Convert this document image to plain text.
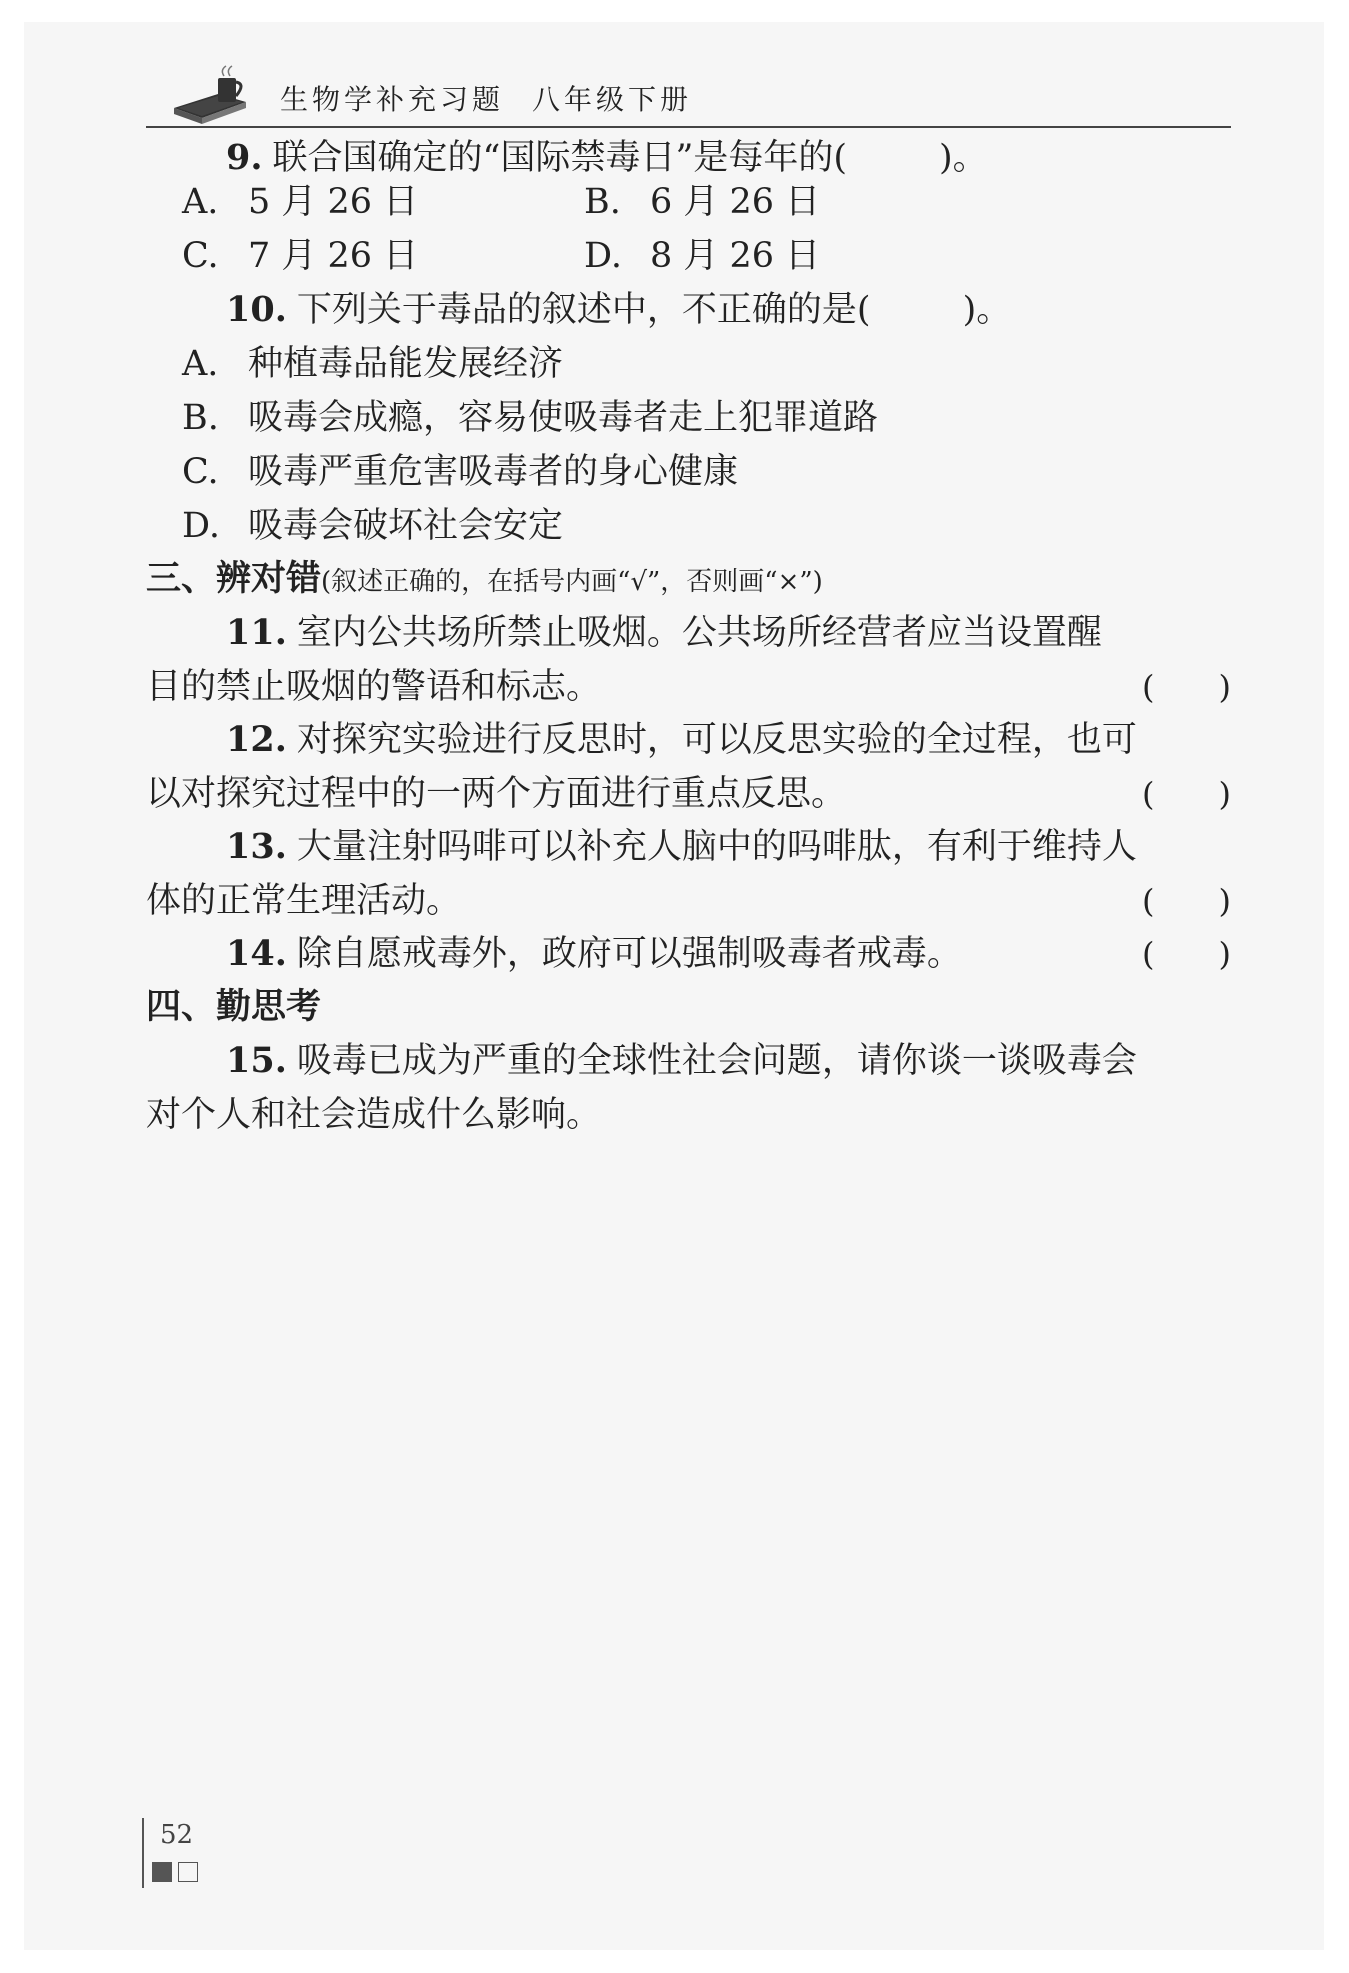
生物学补充习题 八年级下册
9. 联合国确定的“国际禁毒日”是每年的(	)。
A. 5 月 26 日	B. 6 月 26 日
C. 7 月 26 日	D. 8 月 26 日
10. 下列关于毒品的叙述中，不正确的是(	)。
A. 种植毒品能发展经济
B. 吸毒会成瘾，容易使吸毒者走上犯罪道路
C. 吸毒严重危害吸毒者的身心健康
D. 吸毒会破坏社会安定
三、辨对错(叙述正确的，在括号内画“√”，否则画“×”)
11. 室内公共场所禁止吸烟。公共场所经营者应当设置醒
目的禁止吸烟的警语和标志。	(　　)
12. 对探究实验进行反思时，可以反思实验的全过程，也可
以对探究过程中的一两个方面进行重点反思。	(　　)
13. 大量注射吗啡可以补充人脑中的吗啡肽，有利于维持人
体的正常生理活动。	(　　)
14. 除自愿戒毒外，政府可以强制吸毒者戒毒。	(　　)
四、勤思考
15. 吸毒已成为严重的全球性社会问题，请你谈一谈吸毒会
对个人和社会造成什么影响。
52
